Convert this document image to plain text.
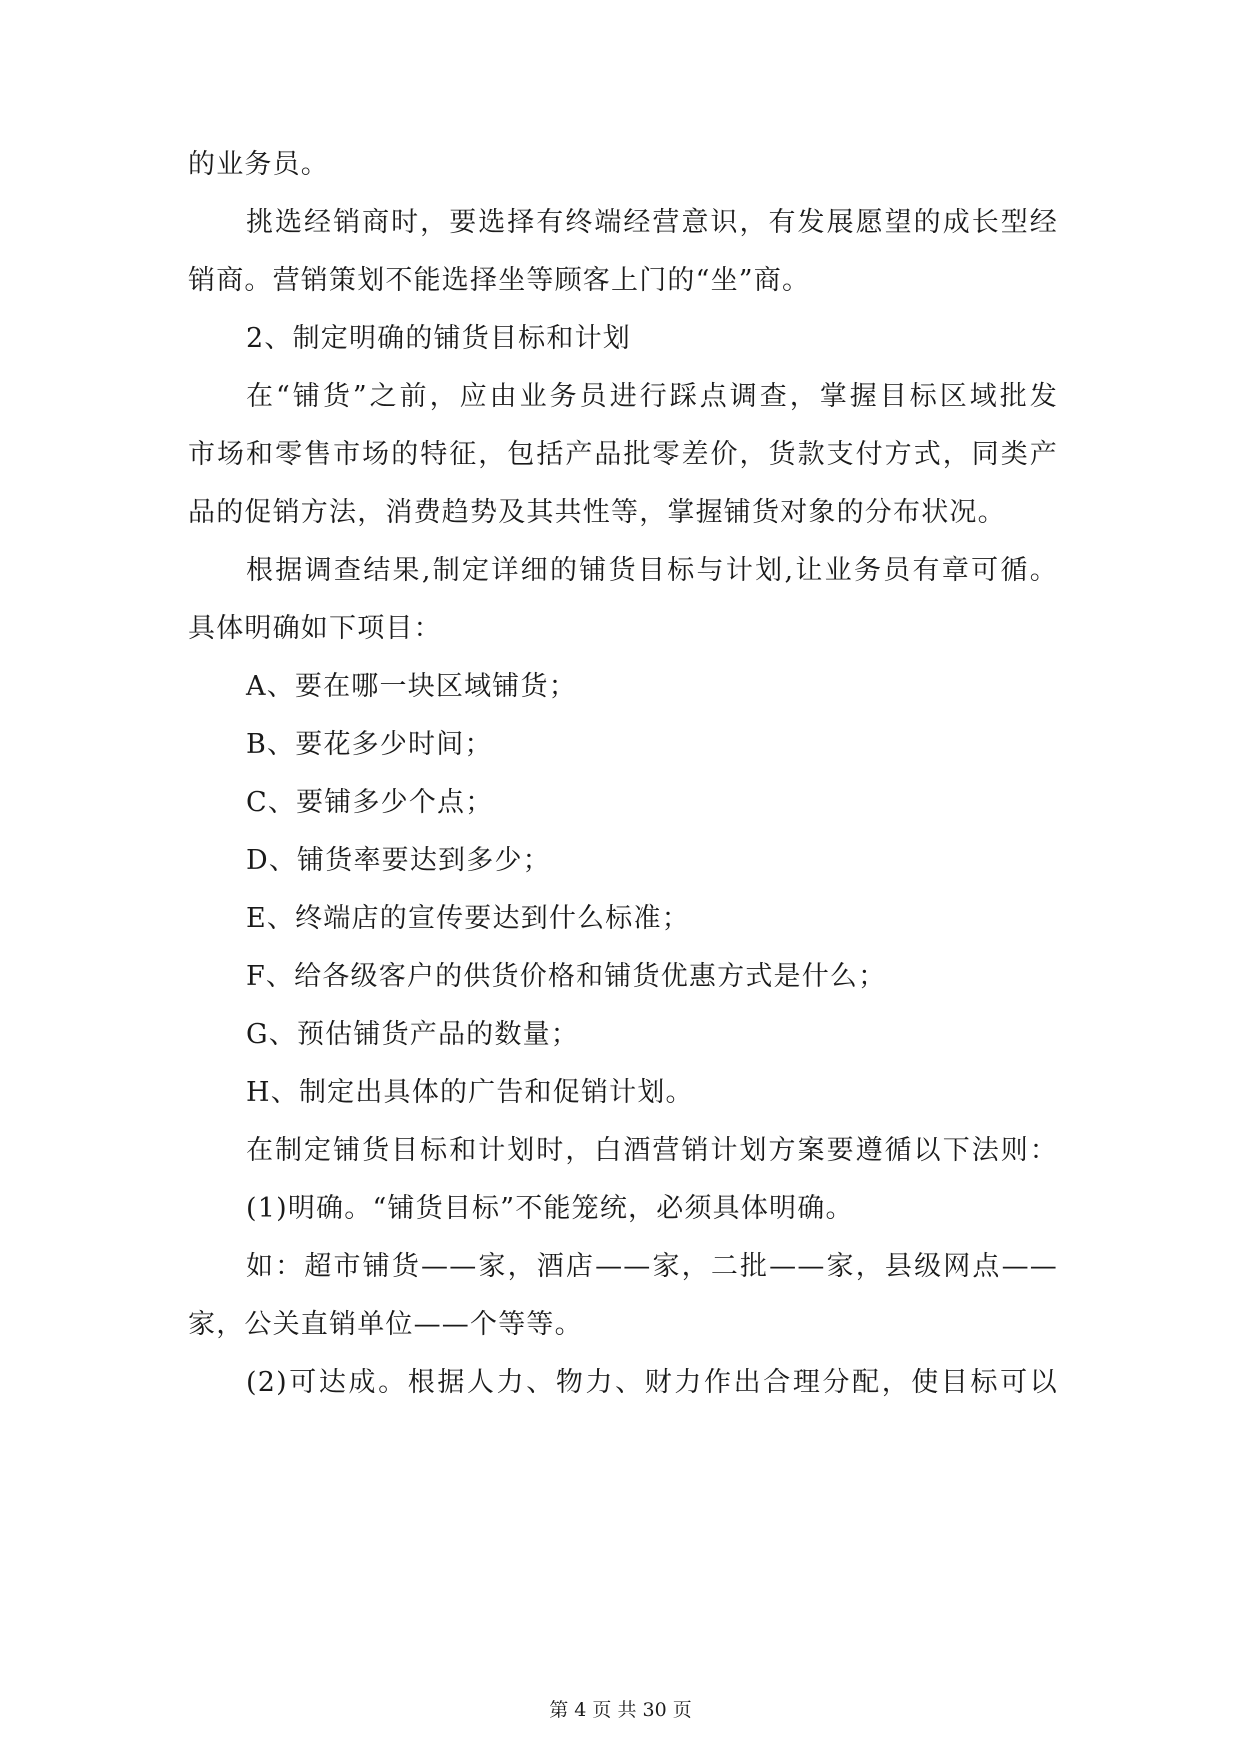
的业务员。
挑选经销商时，要选择有终端经营意识，有发展愿望的成长型经
销商。营销策划不能选择坐等顾客上门的“坐”商。
2、制定明确的铺货目标和计划
在“铺货”之前，应由业务员进行踩点调查，掌握目标区域批发
市场和零售市场的特征，包括产品批零差价，货款支付方式，同类产
品的促销方法，消费趋势及其共性等，掌握铺货对象的分布状况。
根据调查结果,制定详细的铺货目标与计划,让业务员有章可循。
具体明确如下项目：
A、要在哪一块区域铺货；
B、要花多少时间；
C、要铺多少个点；
D、铺货率要达到多少；
E、终端店的宣传要达到什么标准；
F、给各级客户的供货价格和铺货优惠方式是什么；
G、预估铺货产品的数量；
H、制定出具体的广告和促销计划。
在制定铺货目标和计划时，白酒营销计划方案要遵循以下法则：
(1)明确。“铺货目标”不能笼统，必须具体明确。
如：超市铺货——家，酒店——家，二批——家，县级网点——
家，公关直销单位——个等等。
(2)可达成。根据人力、物力、财力作出合理分配，使目标可以
第 4 页 共 30 页
